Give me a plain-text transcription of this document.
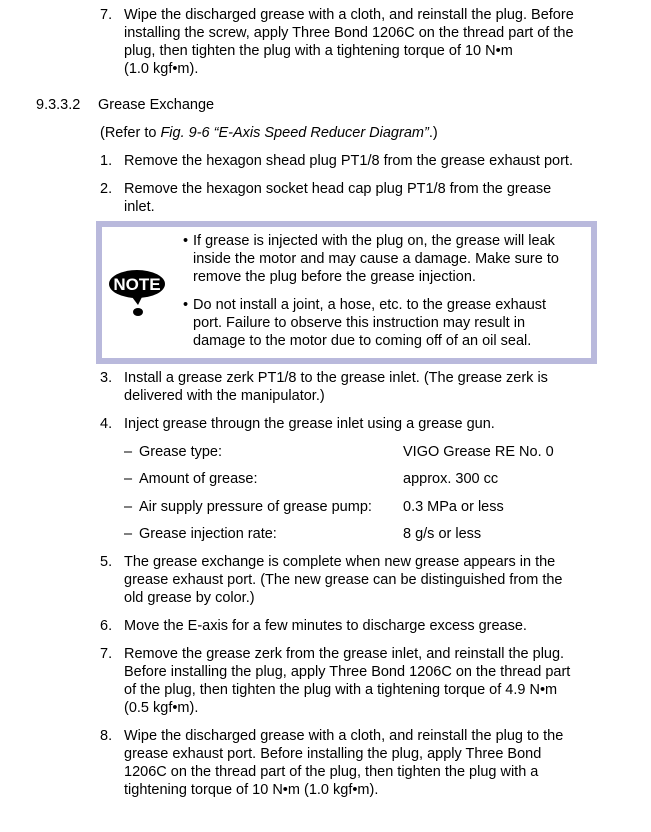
7. Wipe the discharged grease with a cloth, and reinstall the plug. Before
installing the screw, apply Three Bond 1206C on the thread part of the
plug, then tighten the plug with a tightening torque of 10 N•m
(1.0 kgf•m).
9.3.3.2 Grease Exchange
(Refer to Fig. 9-6 “E-Axis Speed Reducer Diagram”.)
1. Remove the hexagon shead plug PT1/8 from the grease exhaust port.
2. Remove the hexagon socket head cap plug PT1/8 from the grease
inlet.
NOTE
• If grease is injected with the plug on, the grease will leak
inside the motor and may cause a damage. Make sure to
remove the plug before the grease injection.
• Do not install a joint, a hose, etc. to the grease exhaust
port. Failure to observe this instruction may result in
damage to the motor due to coming off of an oil seal.
3. Install a grease zerk PT1/8 to the grease inlet. (The grease zerk is
delivered with the manipulator.)
4. Inject grease througn the grease inlet using a grease gun.
– Grease type:	VIGO Grease RE No. 0
– Amount of grease:	approx. 300 cc
– Air supply pressure of grease pump: 0.3 MPa or less
– Grease injection rate:	8 g/s or less
5. The grease exchange is complete when new grease appears in the
grease exhaust port. (The new grease can be distinguished from the
old grease by color.)
6. Move the E-axis for a few minutes to discharge excess grease.
7. Remove the grease zerk from the grease inlet, and reinstall the plug.
Before installing the plug, apply Three Bond 1206C on the thread part
of the plug, then tighten the plug with a tightening torque of 4.9 N•m
(0.5 kgf•m).
8. Wipe the discharged grease with a cloth, and reinstall the plug to the
grease exhaust port. Before installing the plug, apply Three Bond
1206C on the thread part of the plug, then tighten the plug with a
tightening torque of 10 N•m (1.0 kgf•m).
